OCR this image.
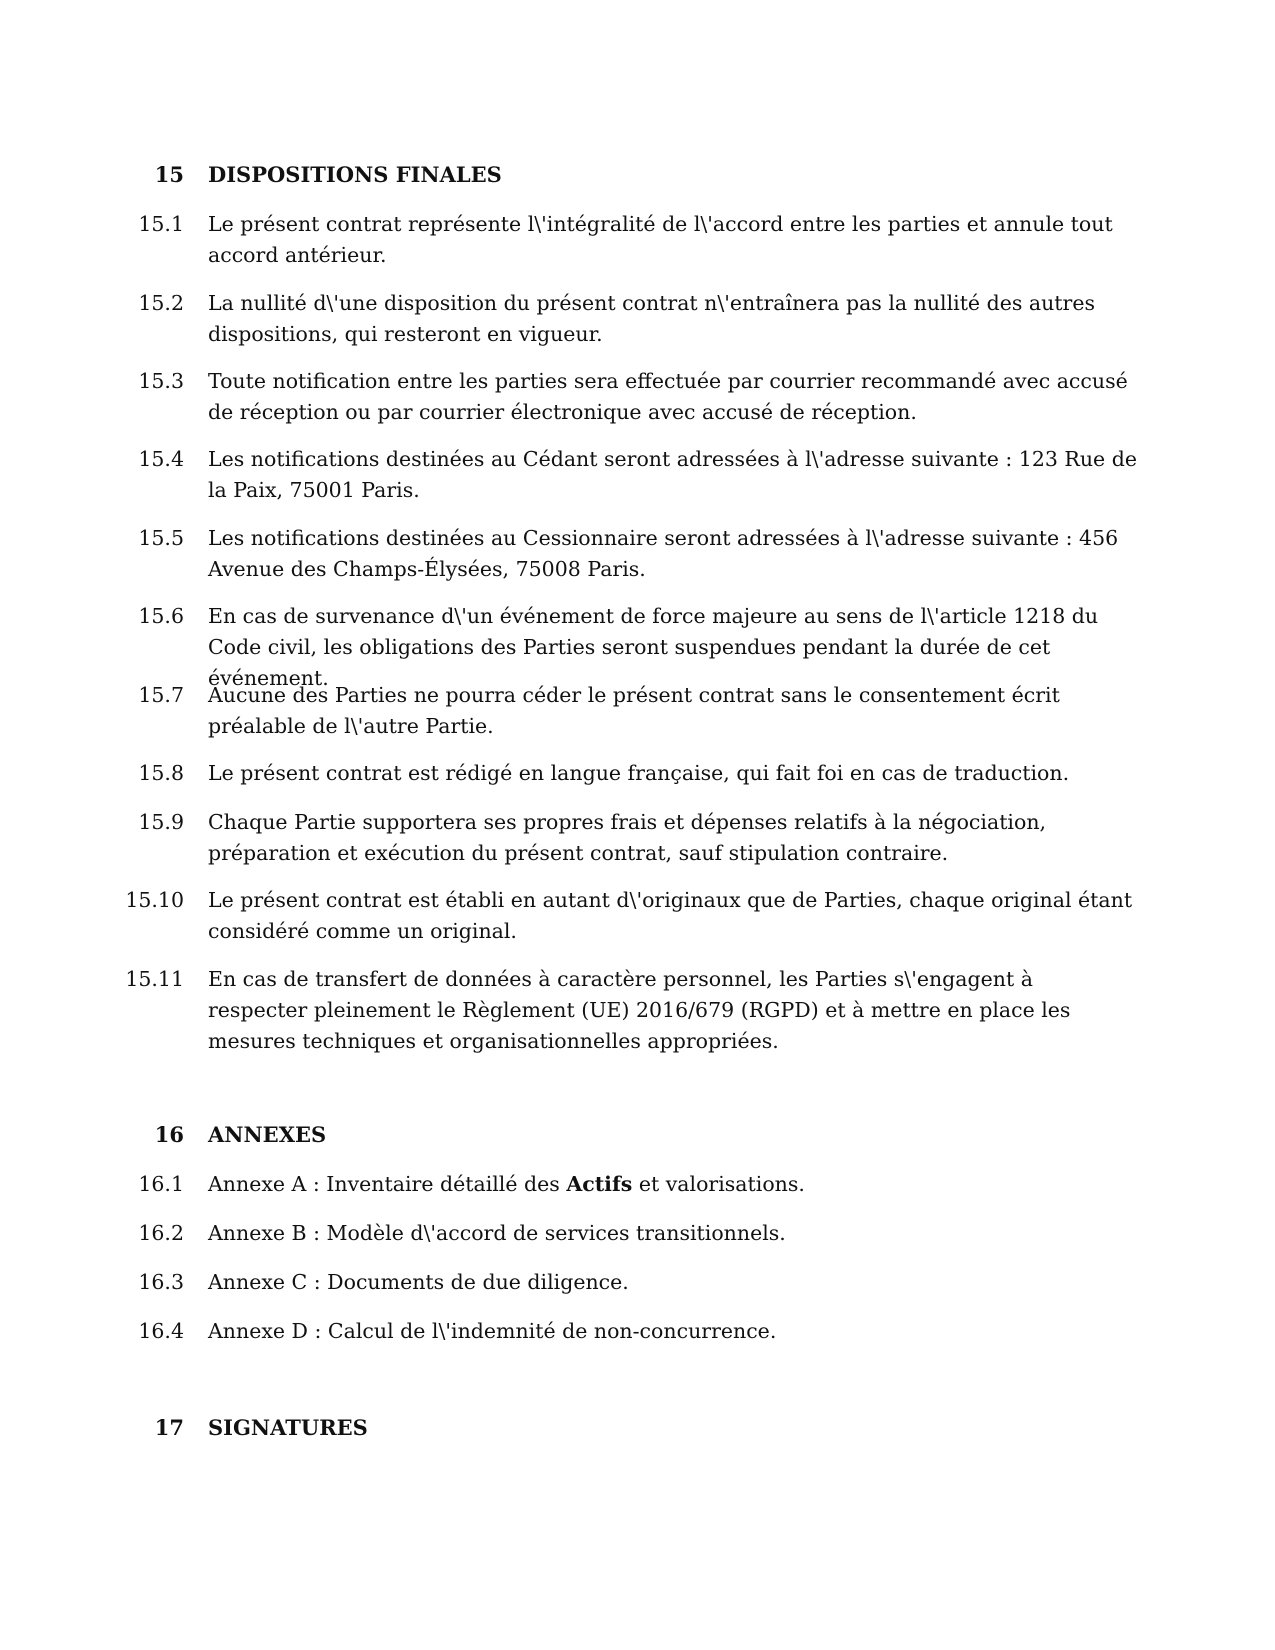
15 DISPOSITIONS FINALES
15.1 Le présent contrat représente l\'intégralité de l\'accord entre les parties et annule tout accord antérieur.
15.2 La nullité d\'une disposition du présent contrat n\'entraînera pas la nullité des autres dispositions, qui resteront en vigueur.
15.3 Toute notification entre les parties sera effectuée par courrier recommandé avec accusé de réception ou par courrier électronique avec accusé de réception.
15.4 Les notifications destinées au Cédant seront adressées à l\'adresse suivante : 123 Rue de la Paix, 75001 Paris.
15.5 Les notifications destinées au Cessionnaire seront adressées à l\'adresse suivante : 456 Avenue des Champs-Élysées, 75008 Paris.
15.6 En cas de survenance d\'un événement de force majeure au sens de l\'article 1218 du Code civil, les obligations des Parties seront suspendues pendant la durée de cet événement.
15.7 Aucune des Parties ne pourra céder le présent contrat sans le consentement écrit préalable de l\'autre Partie.
15.8 Le présent contrat est rédigé en langue française, qui fait foi en cas de traduction.
15.9 Chaque Partie supportera ses propres frais et dépenses relatifs à la négociation, préparation et exécution du présent contrat, sauf stipulation contraire.
15.10 Le présent contrat est établi en autant d\'originaux que de Parties, chaque original étant considéré comme un original.
15.11 En cas de transfert de données à caractère personnel, les Parties s\'engagent à respecter pleinement le Règlement (UE) 2016/679 (RGPD) et à mettre en place les mesures techniques et organisationnelles appropriées.
16 ANNEXES
16.1 Annexe A : Inventaire détaillé des Actifs et valorisations.
16.2 Annexe B : Modèle d\'accord de services transitionnels.
16.3 Annexe C : Documents de due diligence.
16.4 Annexe D : Calcul de l\'indemnité de non-concurrence.
17 SIGNATURES
